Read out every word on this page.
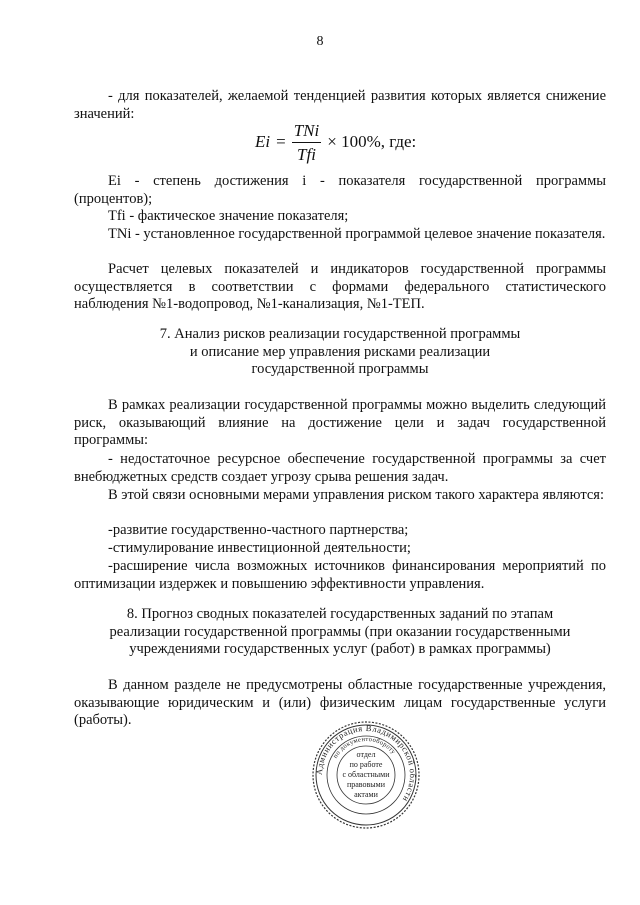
8

- для показателей, желаемой тенденцией развития которых является снижение значений:

$Ei = \frac{\text{TNi}}{\text{Tfi}} \times 100\%$, где:

Ei - степень достижения i - показателя государственной программы (процентов);

Tfi - фактическое значение показателя;

TNi - установленное государственной программой целевое значение показателя.

Расчет целевых показателей и индикаторов государственной программы осуществляется в соответствии с формами федерального статистического наблюдения №1-водопровод, №1-канализация, №1-ТЕП.

7. Анализ рисков реализации государственной программы
и описание мер управления рисками реализации
государственной программы

В рамках реализации государственной программы можно выделить следующий риск, оказывающий влияние на достижение цели и задач государственной программы:

- недостаточное ресурсное обеспечение государственной программы за счет внебюджетных средств создает угрозу срыва решения задач.

В этой связи основными мерами управления риском такого характера являются:

-развитие государственно-частного партнерства;

-стимулирование инвестиционной деятельности;

-расширение числа возможных источников финансирования мероприятий по оптимизации издержек и повышению эффективности управления.

8. Прогноз сводных показателей государственных заданий по этапам
реализации государственной программы (при оказании государственными
учреждениями государственных услуг (работ) в рамках программы)

В данном разделе не предусмотрены областные государственные учреждения, оказывающие юридическим и (или) физическим лицам государственные услуги (работы).

Администрация Владимирской области
по документообороту
отдел
по работе
с областными
правовыми
актами
